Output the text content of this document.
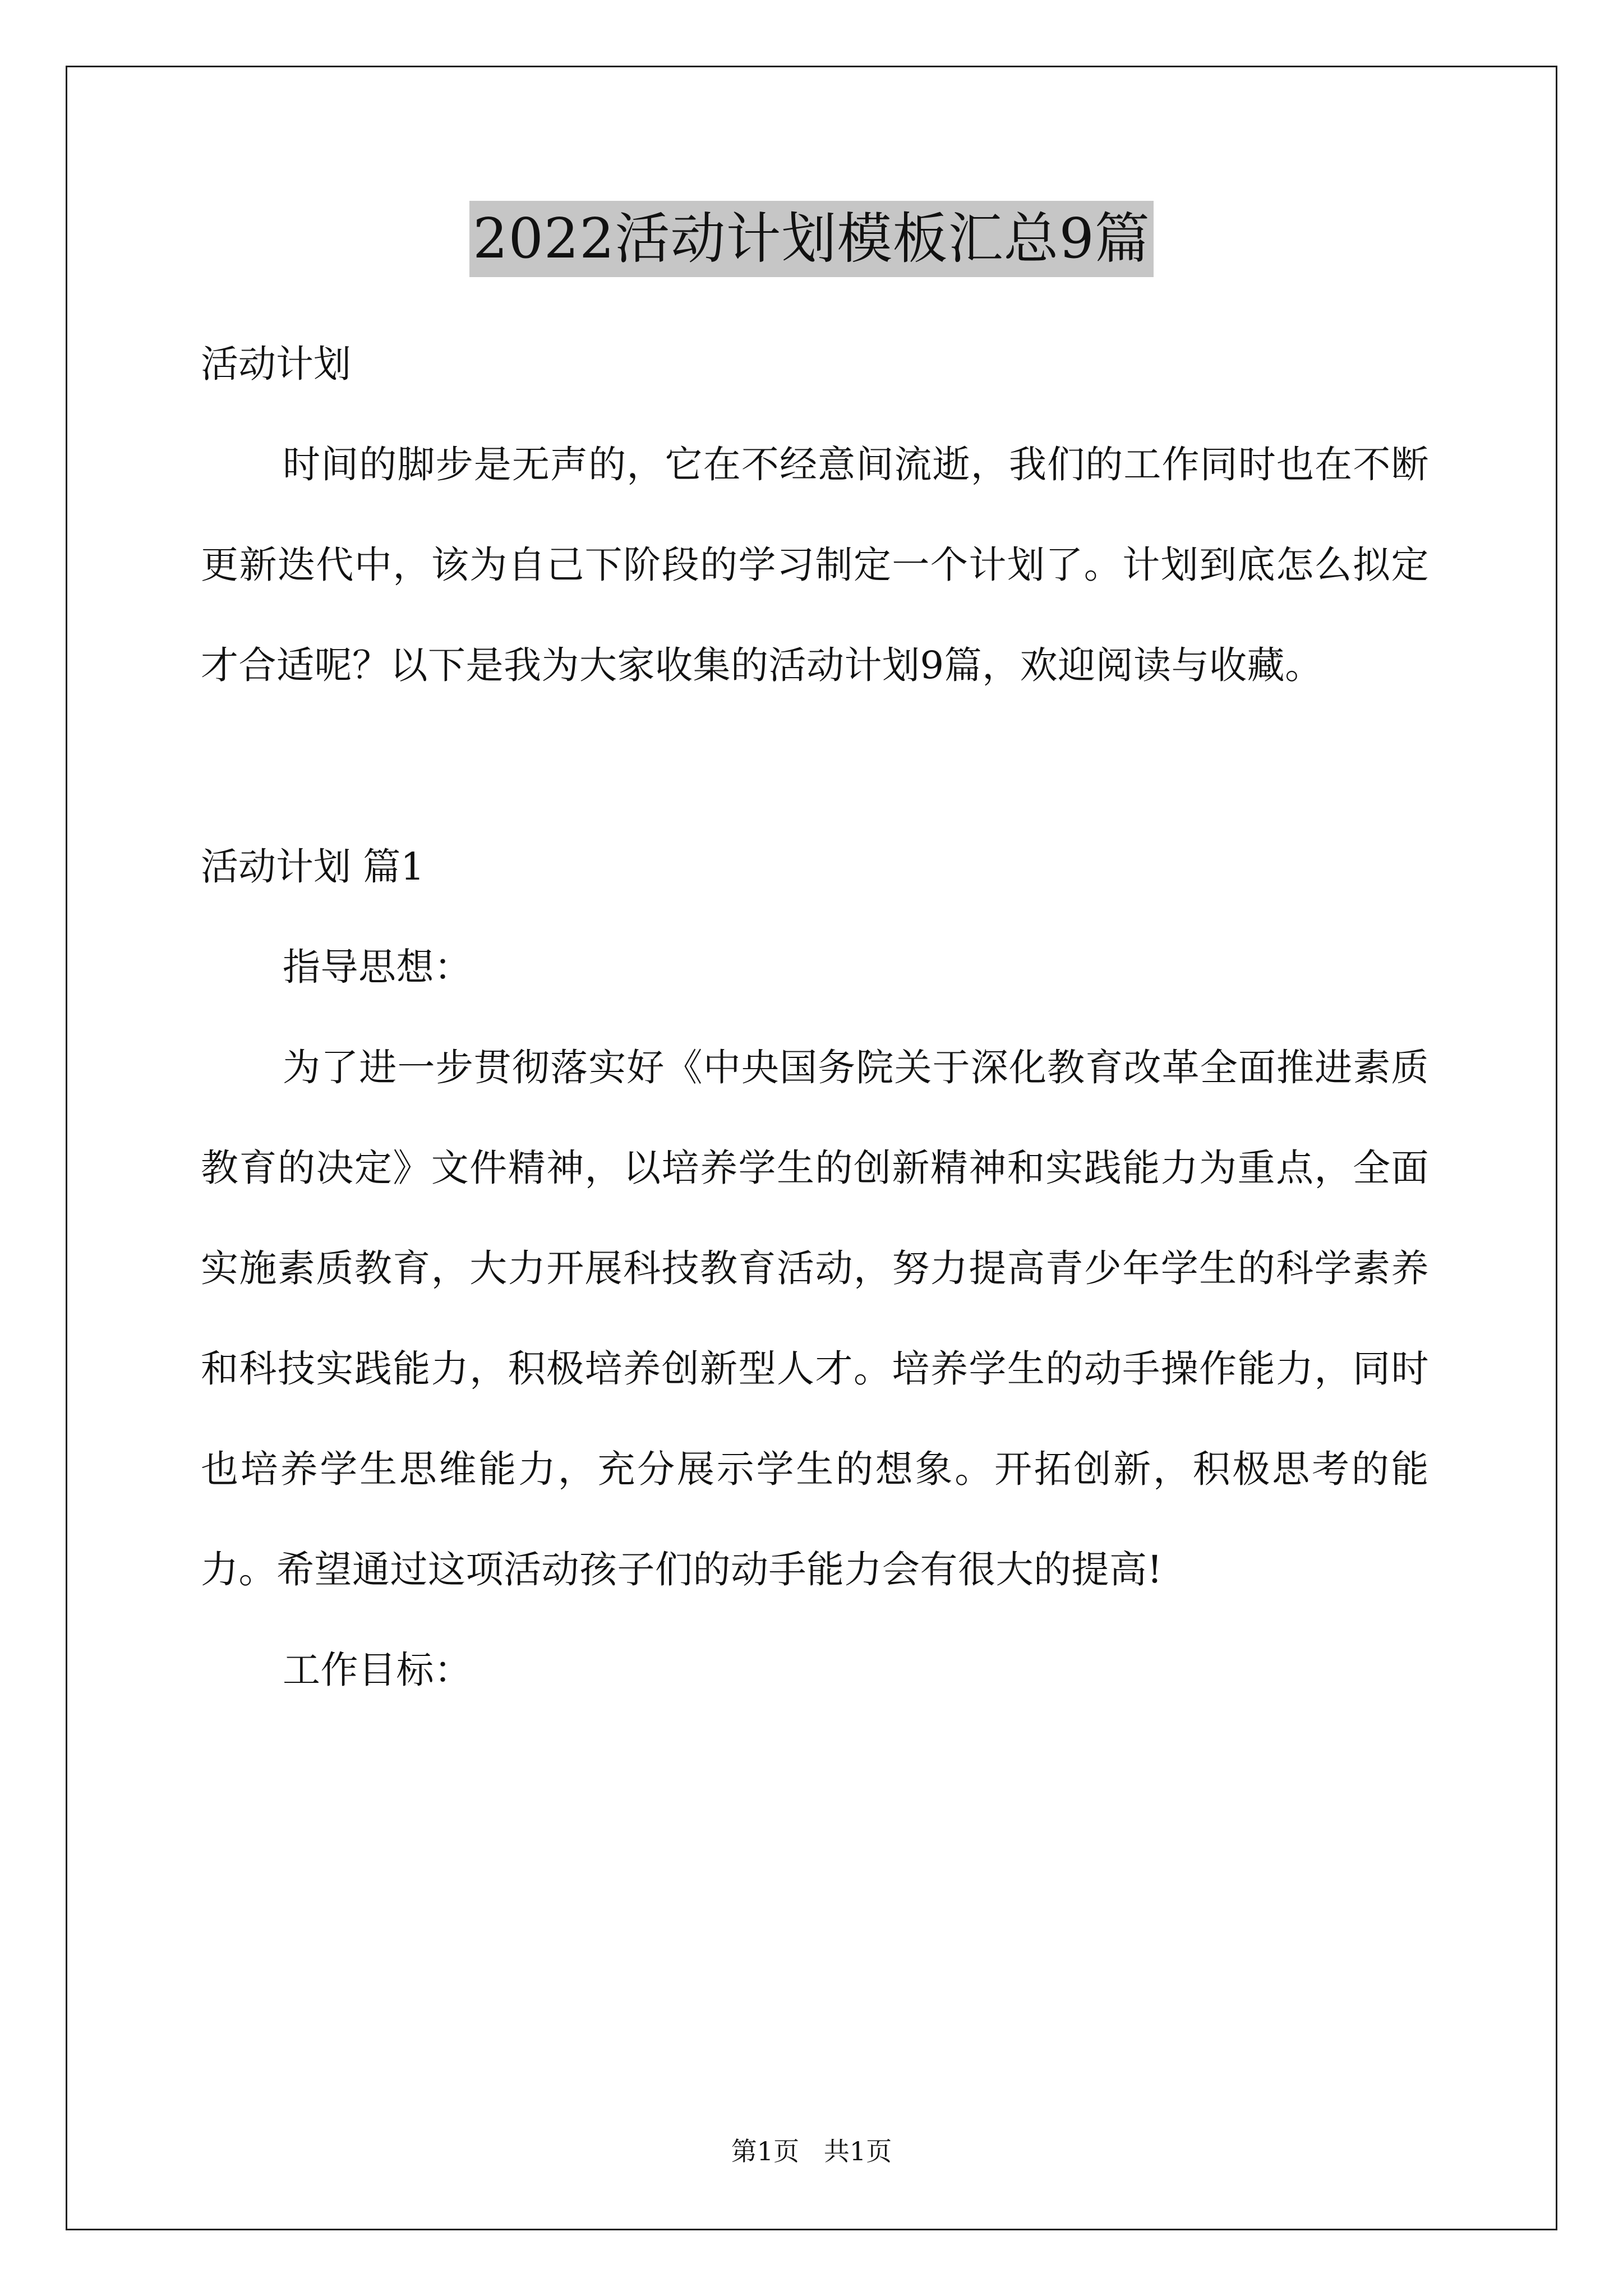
2022活动计划模板汇总9篇

活动计划

时间的脚步是无声的，它在不经意间流逝，我们的工作同时也在不断更新迭代中，该为自己下阶段的学习制定一个计划了。计划到底怎么拟定才合适呢？以下是我为大家收集的活动计划9篇，欢迎阅读与收藏。

活动计划 篇1

指导思想：

为了进一步贯彻落实好《中央国务院关于深化教育改革全面推进素质教育的决定》文件精神，以培养学生的创新精神和实践能力为重点，全面实施素质教育，大力开展科技教育活动，努力提高青少年学生的科学素养和科技实践能力，积极培养创新型人才。培养学生的动手操作能力，同时也培养学生思维能力，充分展示学生的想象。开拓创新，积极思考的能力。希望通过这项活动孩子们的动手能力会有很大的提高!

工作目标：

第1页   共1页
